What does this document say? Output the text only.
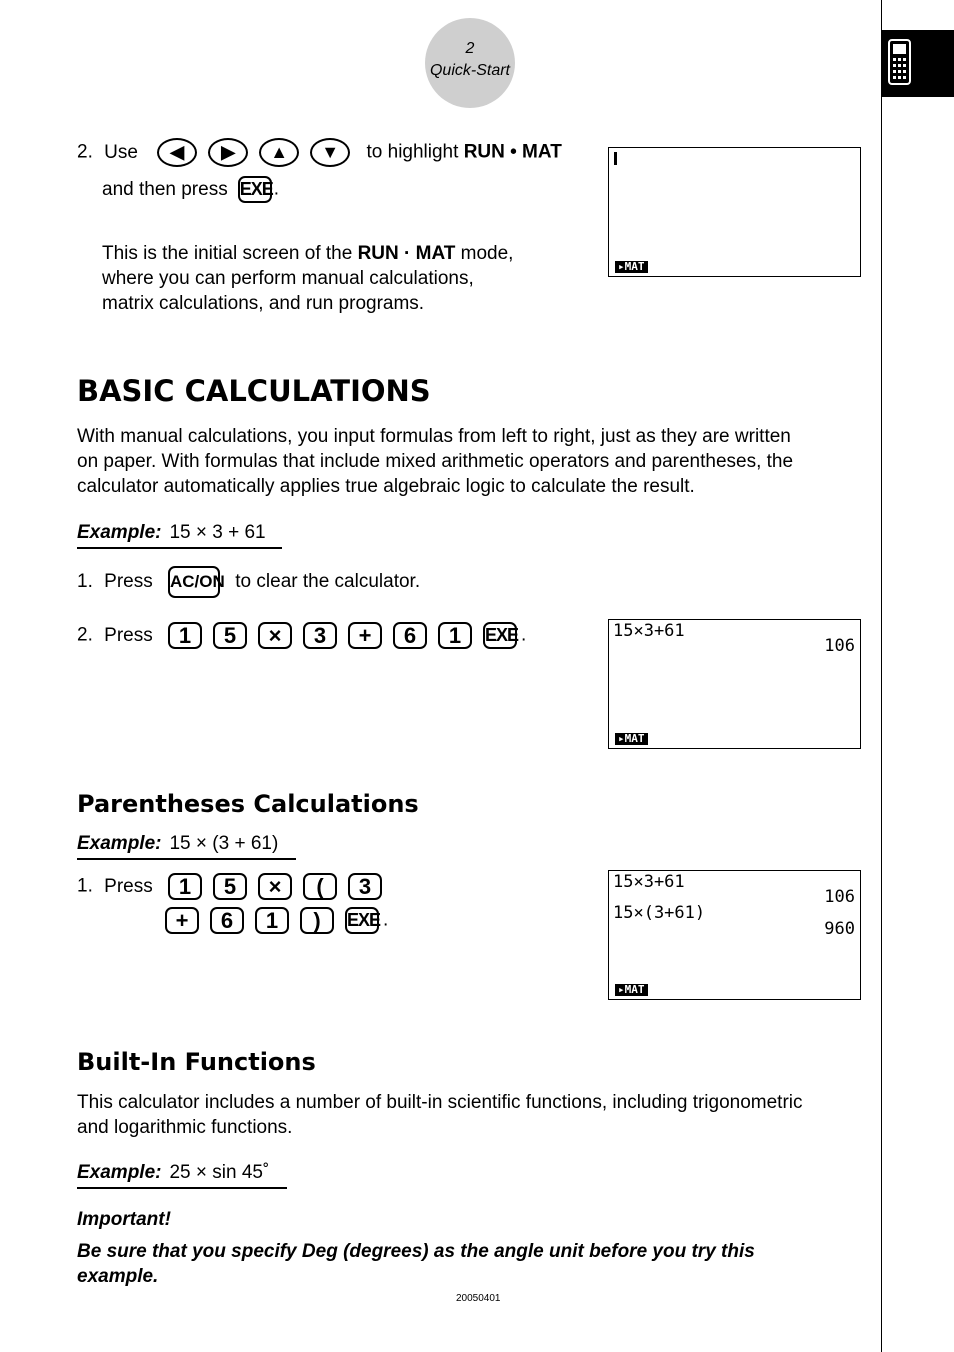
2
Quick-Start
2. Use ◀ ▶ ▲ ▼ to highlight RUN • MAT
and then press EXE.
This is the initial screen of the RUN · MAT mode,
where you can perform manual calculations,
matrix calculations, and run programs.
▸MAT
BASIC CALCULATIONS
With manual calculations, you input formulas from left to right, just as they are written
on paper. With formulas that include mixed arithmetic operators and parentheses, the
calculator automatically applies true algebraic logic to calculate the result.
Example: 15 × 3 + 61
1. Press AC/ON to clear the calculator.
2. Press 1 5 × 3 + 6 1 EXE .	15×3+61
106
▸MAT
Parentheses Calculations
Example: 15 × (3 + 61)
1. Press 1 5 × ( 3
+ 6 1 ) EXE .
15×3+61
106
15×(3+61)
960
▸MAT
Built-In Functions
This calculator includes a number of built-in scientific functions, including trigonometric
and logarithmic functions.
Example: 25 × sin 45˚
Important!
Be sure that you specify Deg (degrees) as the angle unit before you try this
example.
20050401
